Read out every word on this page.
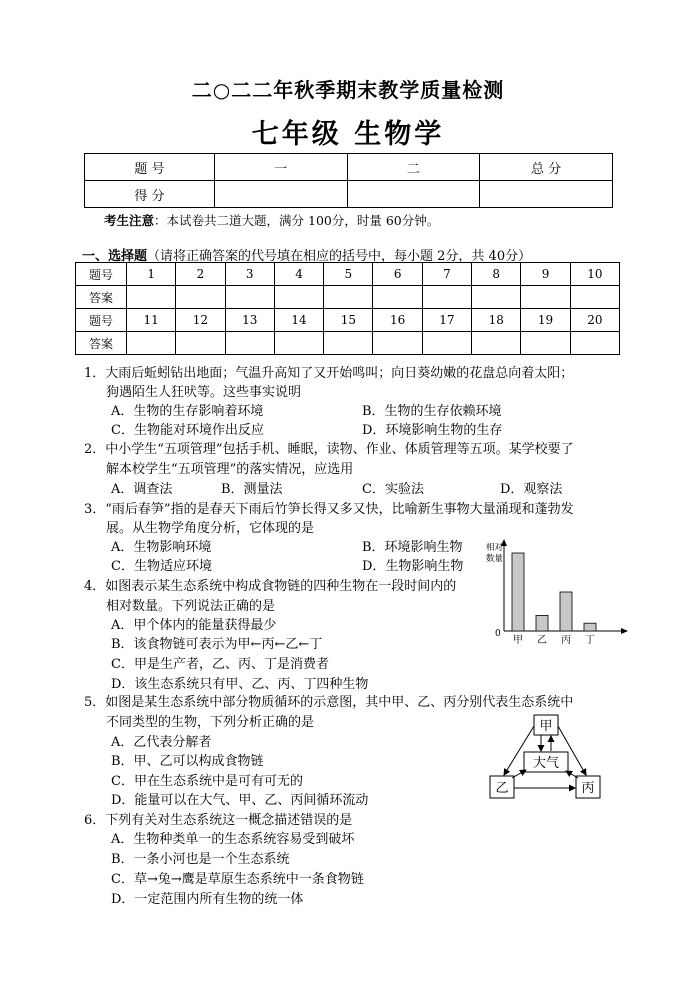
二○二二年秋季期末教学质量检测
七年级 生物学
题 号	一	二	总 分
得 分			
考生注意：本试卷共二道大题，满分 100分，时量 60分钟。
一、选择题（请将正确答案的代号填在相应的括号中，每小题 2分，共 40分）
题号	1	2	3	4	5	6	7	8	9	10
答案										
题号	11	12	13	14	15	16	17	18	19	20
答案										
1．大雨后蚯蚓钻出地面；气温升高知了又开始鸣叫；向日葵幼嫩的花盘总向着太阳；
狗遇陌生人狂吠等。这些事实说明
A．生物的生存影响着环境	B．生物的生存依赖环境
C．生物能对环境作出反应	D．环境影响生物的生存
2．中小学生“五项管理”包括手机、睡眠，读物、作业、体质管理等五项。某学校要了
解本校学生“五项管理”的落实情况，应选用
A．调查法	B．测量法	C．实验法	D．观察法
3．“雨后春笋”指的是春天下雨后竹笋长得又多又快，比喻新生事物大量涌现和蓬勃发
展。从生物学角度分析，它体现的是
A．生物影响环境	B．环境影响生物
C．生物适应环境	D．生物影响生物
4．如图表示某生态系统中构成食物链的四种生物在一段时间内的
相对数量。下列说法正确的是
A．甲个体内的能量获得最少
B．该食物链可表示为甲←丙←乙←丁
C．甲是生产者，乙、丙、丁是消费者
D．该生态系统只有甲、乙、丙、丁四种生物
相对数量
0
甲 乙 丙 丁
5．如图是某生态系统中部分物质循环的示意图，其中甲、乙、丙分别代表生态系统中
不同类型的生物，下列分析正确的是
A．乙代表分解者
B．甲、乙可以构成食物链
C．甲在生态系统中是可有可无的
D．能量可以在大气、甲、乙、丙间循环流动
甲
大气
乙	丙
6．下列有关对生态系统这一概念描述错误的是
A．生物种类单一的生态系统容易受到破坏
B．一条小河也是一个生态系统
C．草→兔→鹰是草原生态系统中一条食物链
D．一定范围内所有生物的统一体
